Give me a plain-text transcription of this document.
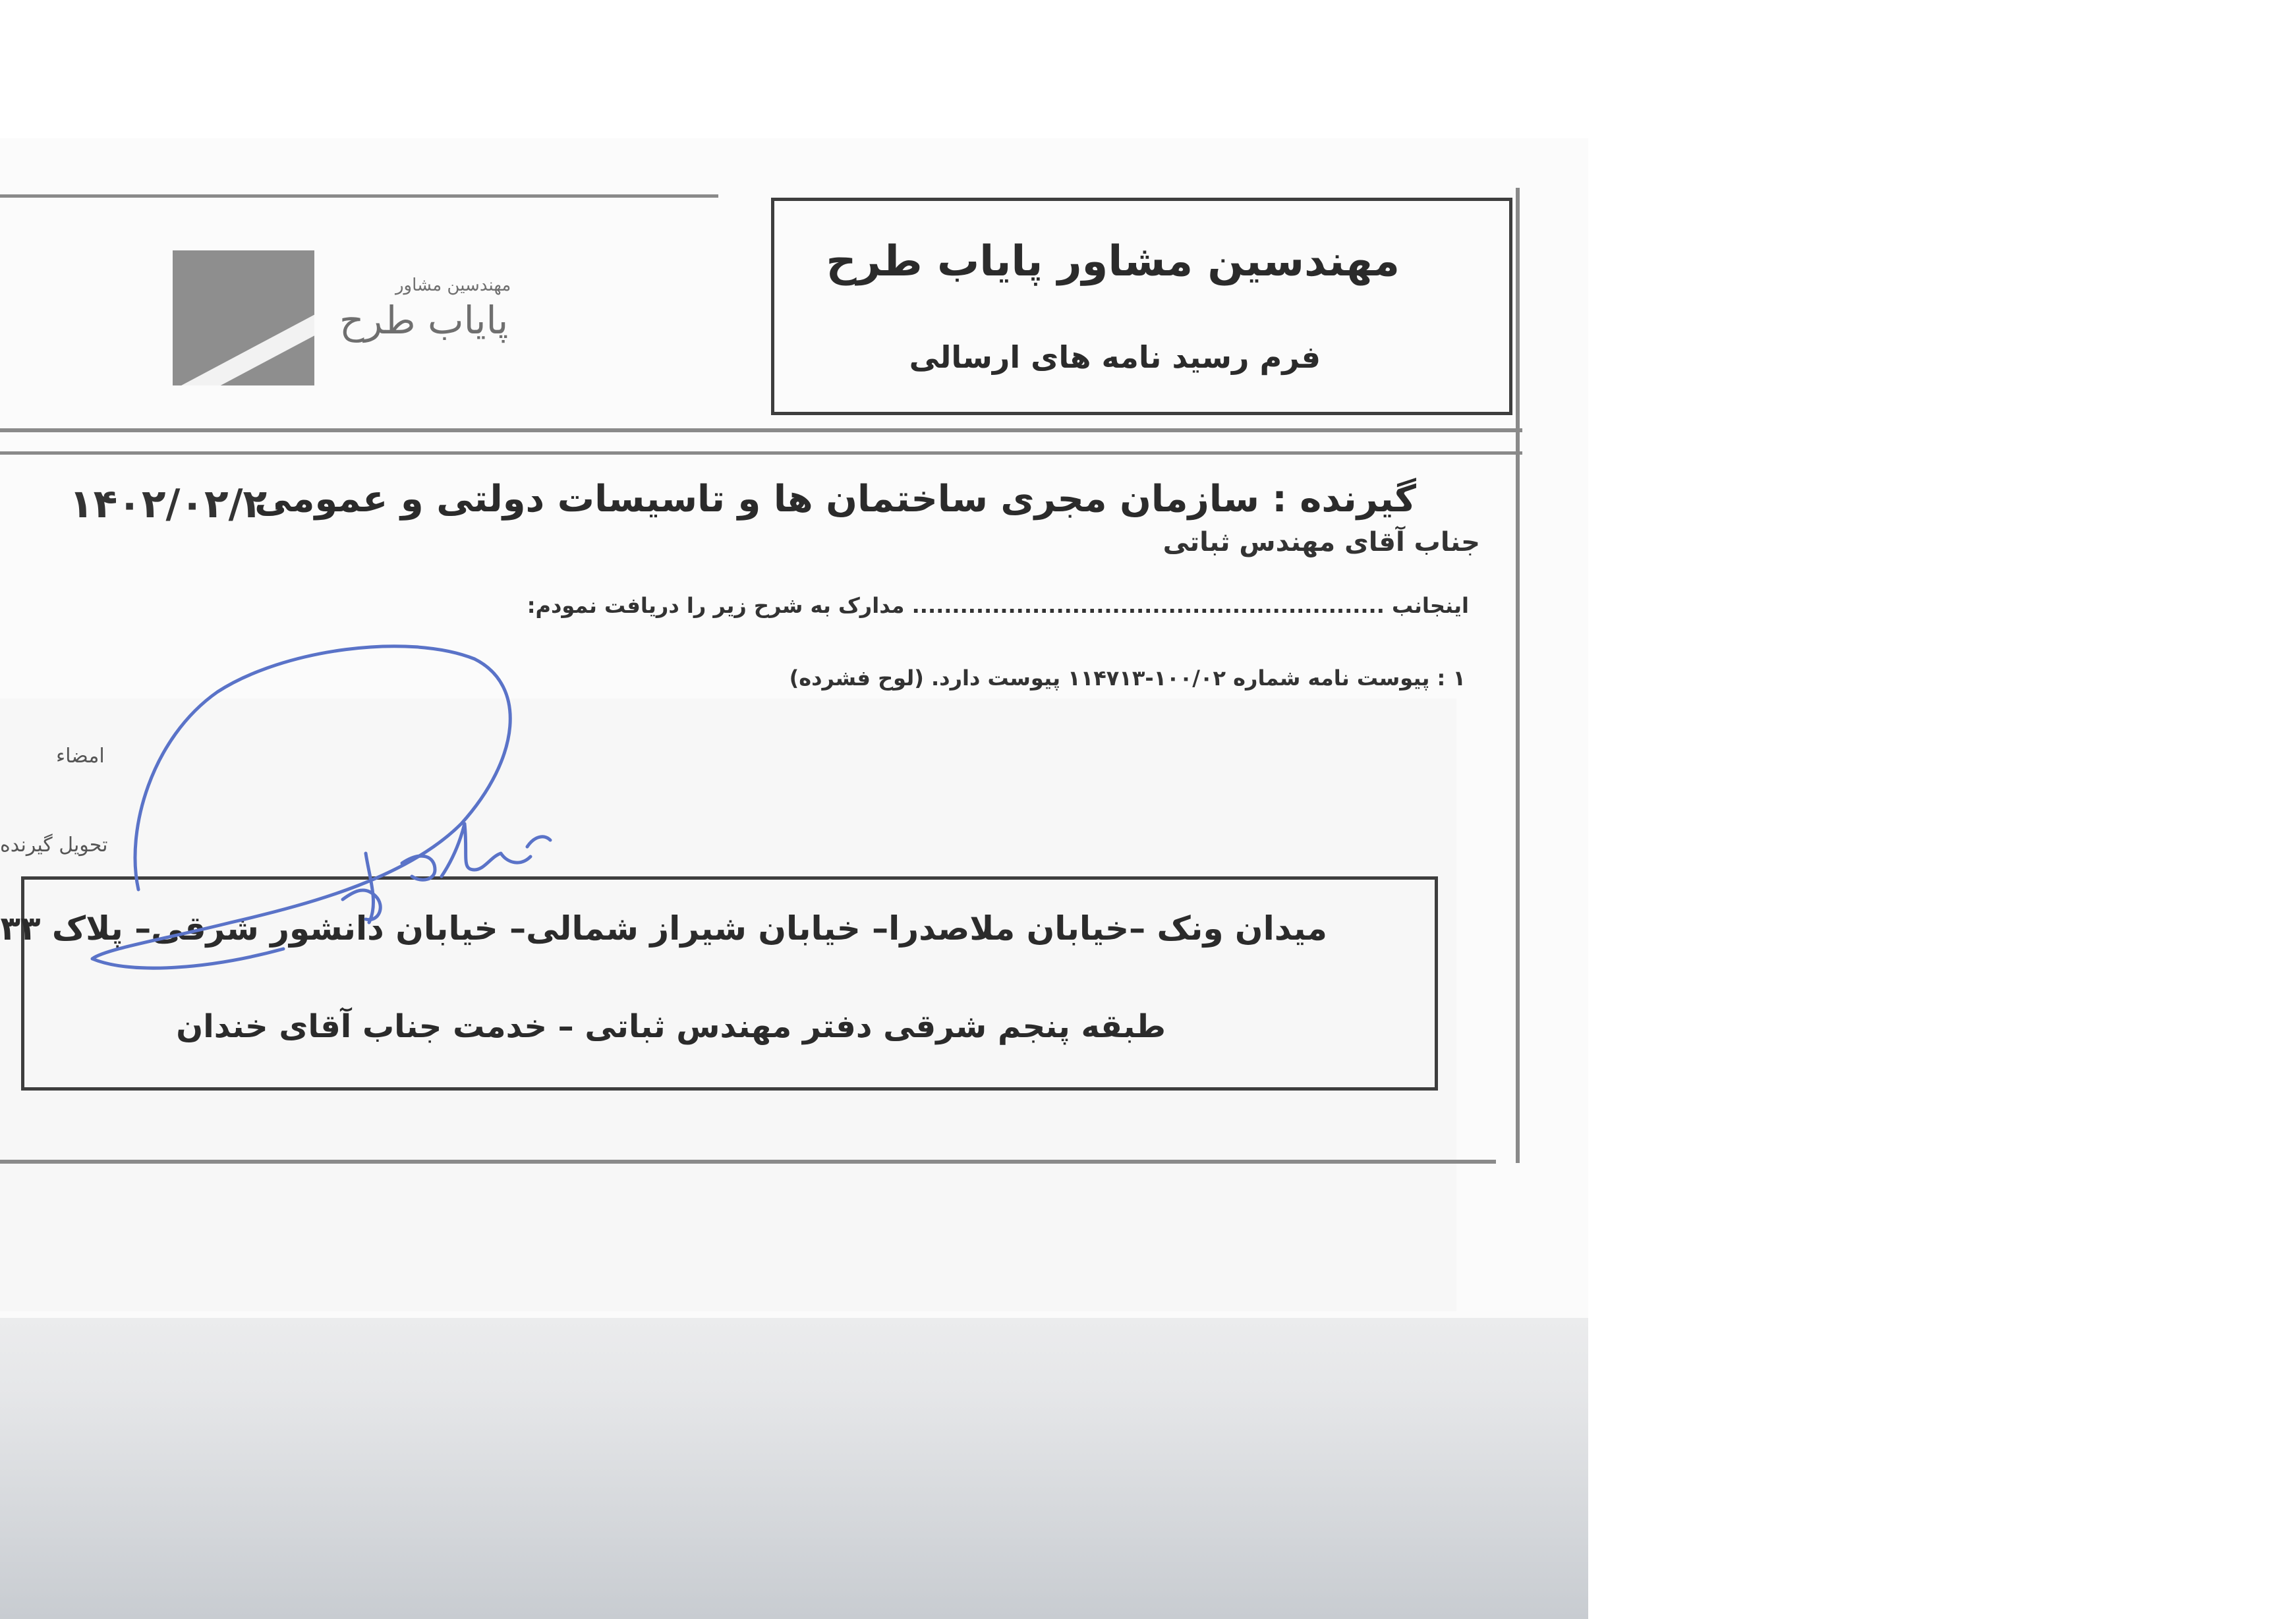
مهندسین مشاور پایاب طرح
فرم رسید نامه های ارسالی
مهندسین مشاور
پایاب طرح
۱۴۰۲/۰۲/۲۰
گیرنده : سازمان مجری ساختمان ها و تاسیسات دولتی و عمومی
جناب آقای مهندس ثباتی
اینجانب ........................................................... مدارک به شرح زیر را دریافت نمودم:
۱ : پیوست نامه شماره ۱۰۰/۰۲-۱۱۴۷۱۳ پیوست دارد. (لوح فشرده)
امضاء
تحویل گیرنده
میدان ونک –خیابان ملاصدرا– خیابان شیراز شمالی– خیابان دانشور شرقی– پلاک ۳۳
طبقه پنجم شرقی دفتر مهندس ثباتی – خدمت جناب آقای خندان
